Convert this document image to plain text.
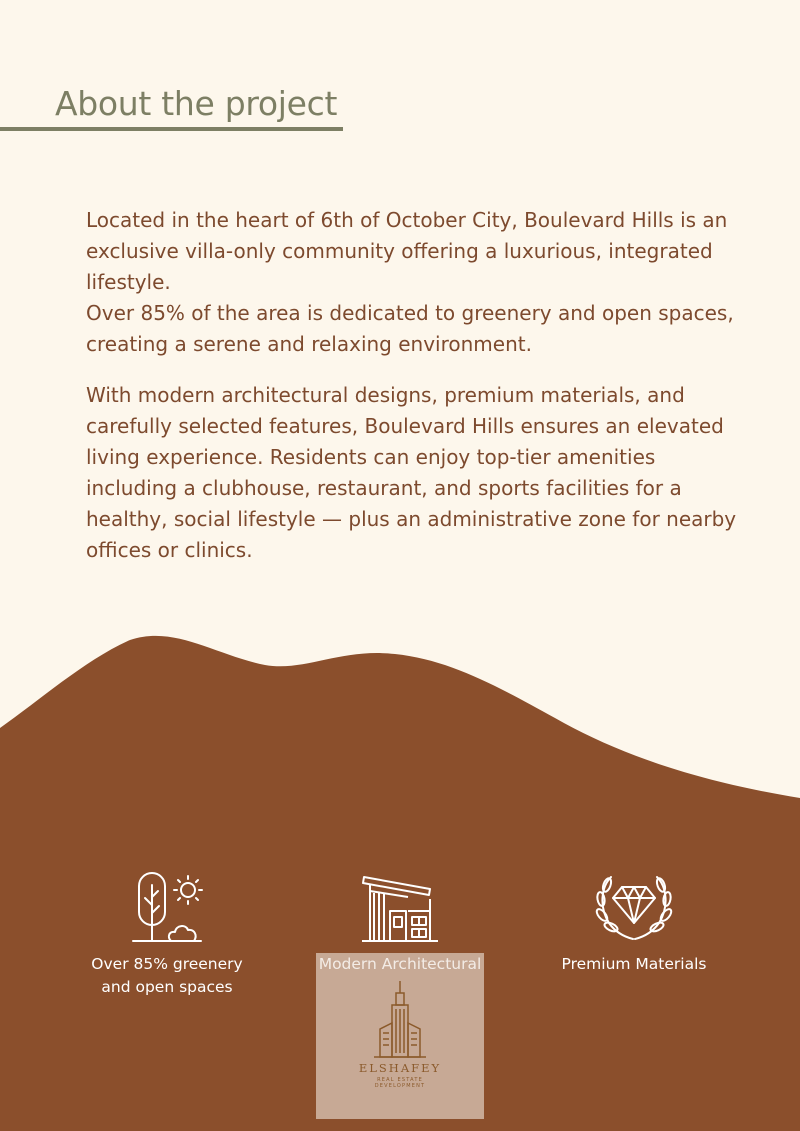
About the project

Located in the heart of 6th of October City, Boulevard Hills is an exclusive villa-only community offering a luxurious, integrated lifestyle.

Over 85% of the area is dedicated to greenery and open spaces, creating a serene and relaxing environment.

With modern architectural designs, premium materials, and carefully selected features, Boulevard Hills ensures an elevated living experience. Residents can enjoy top-tier amenities including a clubhouse, restaurant, and sports facilities for a healthy, social lifestyle — plus an administrative zone for nearby offices or clinics.

Over 85% greenery
and open spaces
Premium Materials
ELSHAFEY
REAL ESTATE
DEVELOPMENT
